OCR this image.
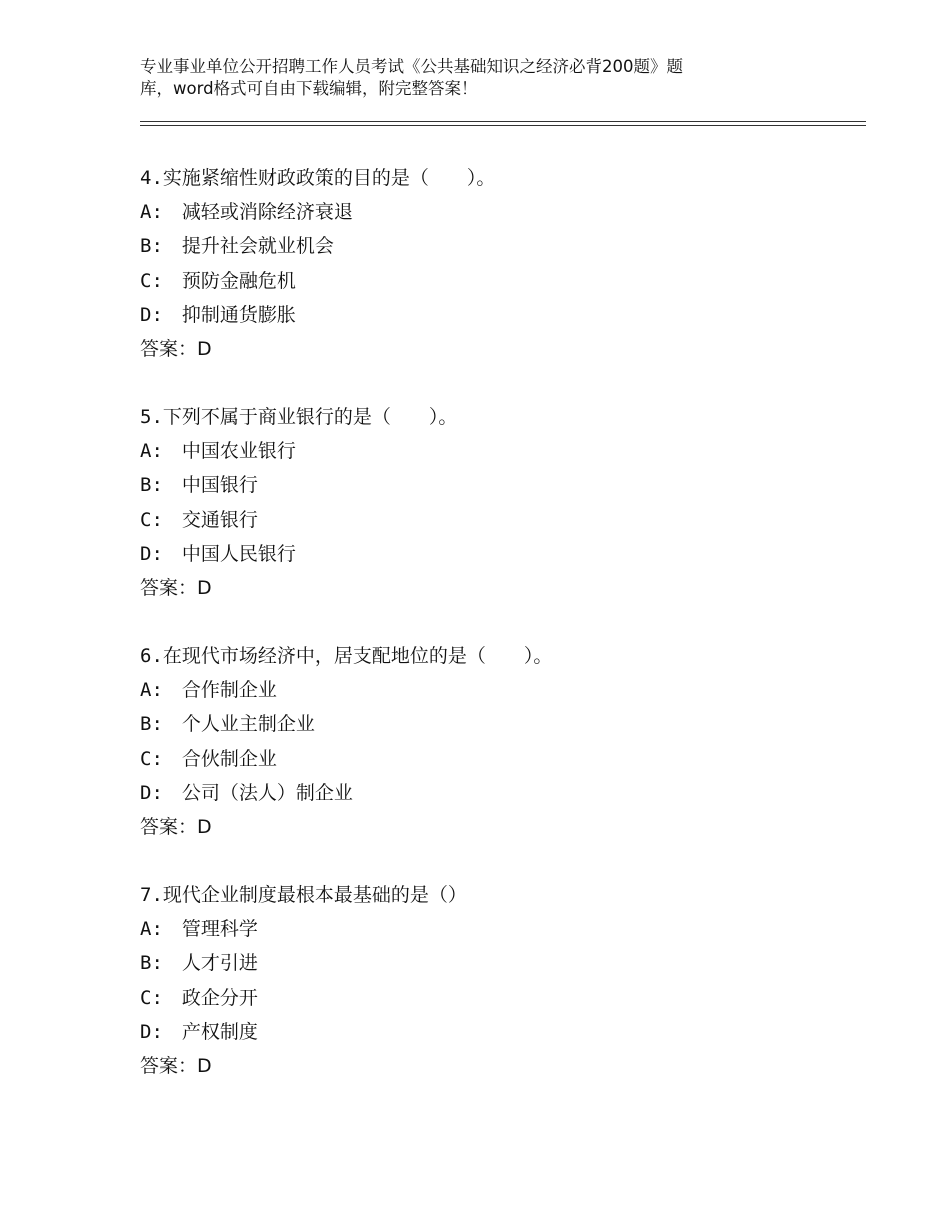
专业事业单位公开招聘工作人员考试《公共基础知识之经济必背200题》题
库，word格式可自由下载编辑，附完整答案！
4.实施紧缩性财政政策的目的是（　　）。
A:　减轻或消除经济衰退
B:　提升社会就业机会
C:　预防金融危机
D:　抑制通货膨胀
答案：D
5.下列不属于商业银行的是（　　）。
A:　中国农业银行
B:　中国银行
C:　交通银行
D:　中国人民银行
答案：D
6.在现代市场经济中，居支配地位的是（　　）。
A:　合作制企业
B:　个人业主制企业
C:　合伙制企业
D:　公司（法人）制企业
答案：D
7.现代企业制度最根本最基础的是（）
A:　管理科学
B:　人才引进
C:　政企分开
D:　产权制度
答案：D
